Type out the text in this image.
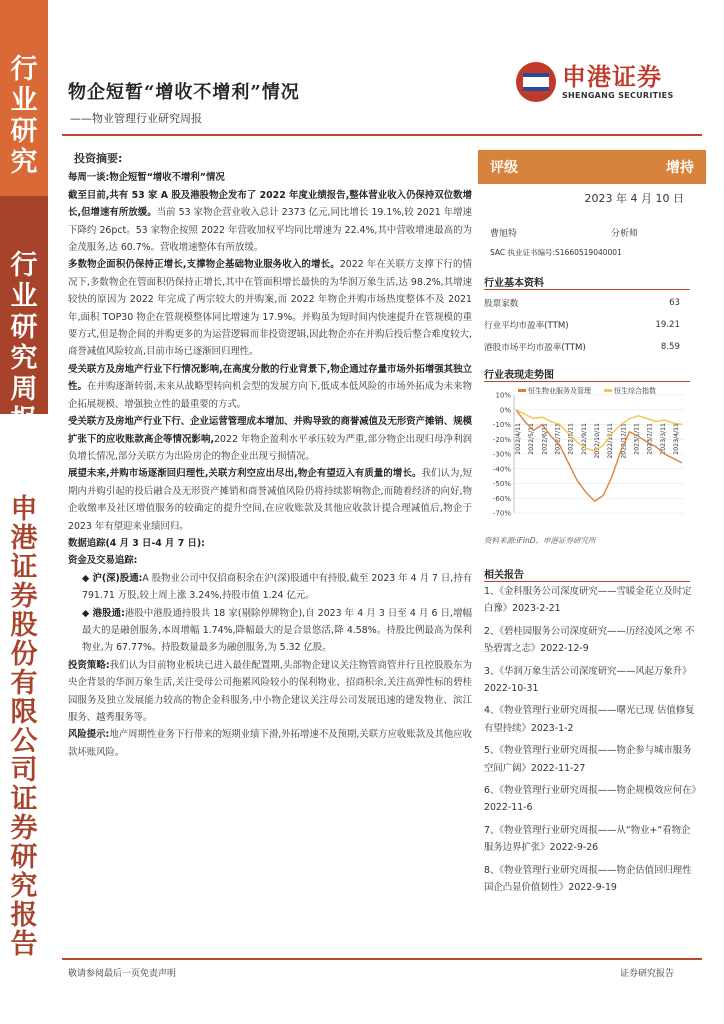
行
业
研
究
行
业
研
究
周
申
港
证
券
股
份
有
限
公
司
证
券
研
究
报
告
物企短暂“增收不增利”情况
——物业管理行业研究周报
申港证券
SHENGANG SECURITIES
投资摘要:

每周一谈:物企短暂“增收不增利”情况

截至目前,共有 53 家 A 股及港股物企发布了 2022 年度业绩报告,整体营业收入仍保持双位数增长,但增速有所放缓。当前 53 家物企营业收入总计 2373 亿元,同比增长 19.1%,较 2021 年增速下降约 26pct。53 家物企按照 2022 年营收加权平均同比增速为 22.4%,其中营收增速最高的为金茂服务,达 60.7%。营收增速整体有所放缓。

多数物企面积仍保持正增长,支撑物企基础物业服务收入的增长。2022 年在关联方支撑下行的情况下,多数物企在管面积仍保持正增长,其中在管面积增长最快的为华润万象生活,达 98.2%,其增速较快的原因为 2022 年完成了两宗较大的并购案,而 2022 年物企并购市场热度整体不及 2021 年,面积 TOP30 物企在管规模整体同比增速为 17.9%。并购虽为短时间内快速提升在管规模的重要方式,但是物企间的并购更多的为运营逻辑而非投资逻辑,因此物企亦在并购后投后整合难度较大,商誉减值风险较高,目前市场已逐渐回归理性。

受关联方及房地产行业下行情况影响,在高度分散的行业背景下,物企通过存量市场外拓增强其独立性。在并购逐渐转弱,未来从战略型转向机会型的发展方向下,低成本低风险的市场外拓成为未来物企拓展规模、增强独立性的最重要的方式。

受关联方及房地产行业下行、企业运营管理成本增加、并购导致的商誉减值及无形资产摊销、规模扩张下的应收账款高企等情况影响,2022 年物企盈利水平承压较为严重,部分物企出现归母净利润负增长情况,部分关联方为出险房企的物企业出现亏损情况。

展望未来,并购市场逐渐回归理性,关联方利空应出尽出,物企有望迈入有质量的增长。我们认为,短期内并购引起的投后融合及无形资产摊销和商誉减值风险仍将持续影响物企,而随着经济的向好,物企收缴率及社区增值服务的较确定的提升空间,在应收账款及其他应收款计提合理减值后,物企于 2023 年有望迎来业绩回归。

数据追踪(4 月 3 日-4 月 7 日):

资金及交易追踪:

◆ 沪(深)股通:A 股物业公司中仅招商积余在沪(深)股通中有持股,截至 2023 年 4 月 7 日,持有 791.71 万股,较上周上涨 3.24%,持股市值 1.24 亿元。

◆ 港股通:港股中港股通持股共 18 家(剔除停牌物企),自 2023 年 4 月 3 日至 4 月 6 日,增幅最大的是融创服务,本周增幅 1.74%,降幅最大的是合景悠活,降 4.58%。持股比例最高为保利物业,为 67.77%。持股数量最多为融创服务,为 5.32 亿股。

投资策略:我们认为目前物业板块已进入最佳配置期,头部物企建议关注物管商管并行且控股股东为央企背景的华润万象生活,关注受母公司拖累风险较小的保利物业、招商积余,关注高弹性标的碧桂园服务及独立发展能力较高的物企金科服务,中小物企建议关注母公司发展迅速的建发物业、滨江服务、越秀服务等。

风险提示:地产周期性业务下行带来的短期业绩下滑,外拓增速不及预期,关联方应收账款及其他应收款坏账风险。

评级	增持
2023 年 4 月 10 日
曹旭特	分析师
SAC 执业证书编号:S1660519040001
行业基本资料
股票家数	63
行业平均市盈率(TTM)	19.21
港股市场平均市盈率(TTM)	8.59
行业表现走势图
10%
0%
-10%
-20%
-30%
-40%
-50%
-60%
-70%
2022/4/11 2022/5/11 2022/6/11 2022/7/11 2022/8/11 2022/9/11 2022/10/11 2022/11/11 2022/12/11 2023/1/11 2023/2/11 2023/3/11 2023/4/11
恒生物业服务及管理	恒生综合指数
资料来源:iFinD、申港证券研究所
相关报告
1、《金科服务公司深度研究——雪暖金花立及时定白豫》2023-2-21
2、《碧桂园服务公司深度研究——历经凌风之寒 不坠碧霄之志》2022-12-9
3、《华润万象生活公司深度研究——风起万象升》2022-10-31
4、《物业管理行业研究周报——曙光已现 估值修复有望持续》2023-1-2
5、《物业管理行业研究周报——物企参与城市服务空间广阔》2022-11-27
6、《物业管理行业研究周报——物企规模效应何在》2022-11-6
7、《物业管理行业研究周报——从“物业+”看物企服务边界扩张》2022-9-26
8、《物业管理行业研究周报——物企估值回归理性 国企凸显价值韧性》2022-9-19
敬请参阅最后一页免责声明	证券研究报告
